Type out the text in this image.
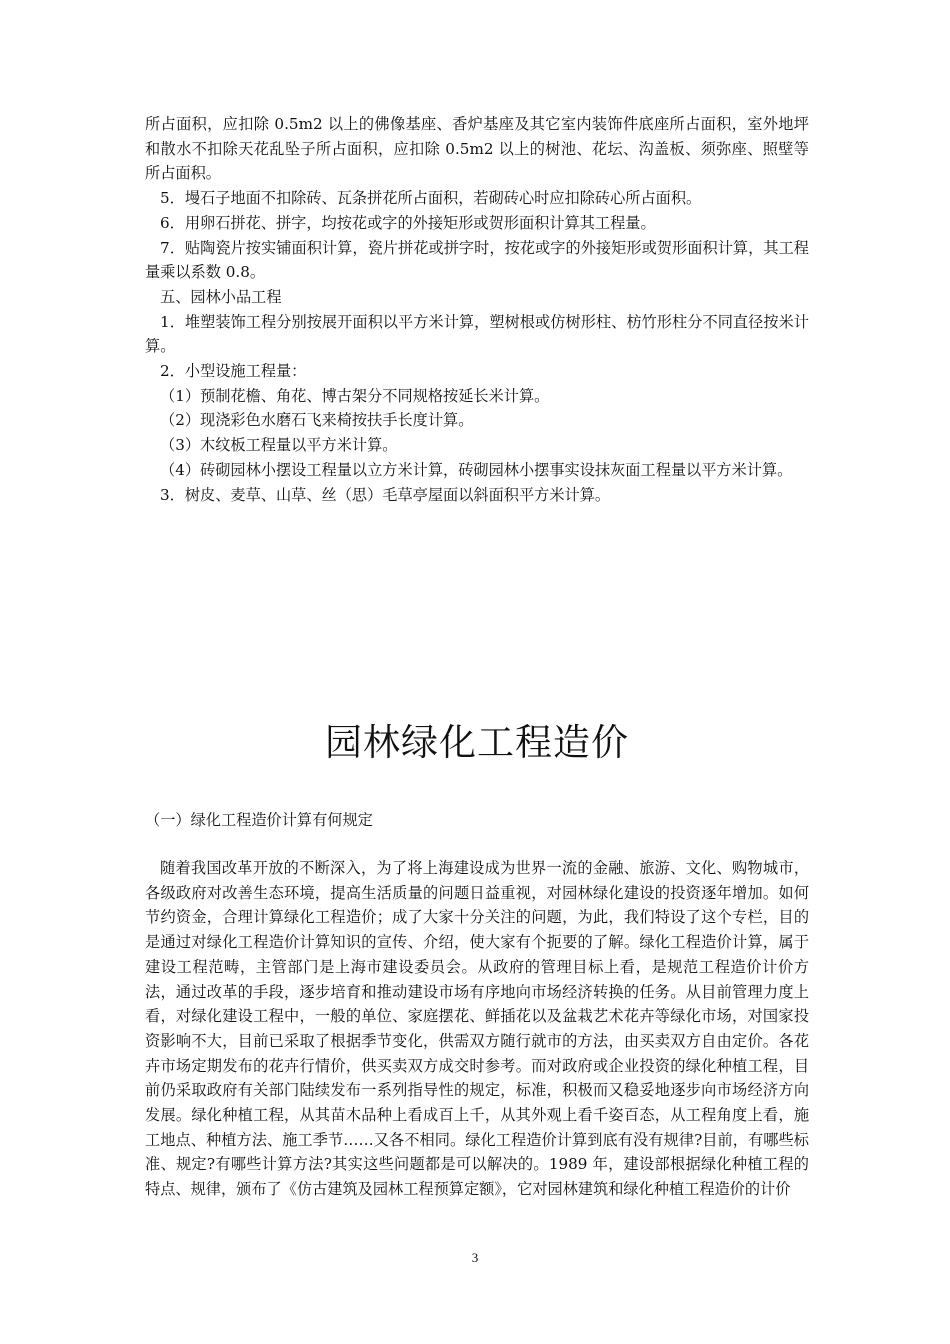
所占面积，应扣除 0.5m2 以上的佛像基座、香炉基座及其它室内装饰件底座所占面积，室外地坪和散水不扣除天花乱坠子所占面积，应扣除 0.5m2 以上的树池、花坛、沟盖板、须弥座、照壁等所占面积。

5．墁石子地面不扣除砖、瓦条拼花所占面积，若砌砖心时应扣除砖心所占面积。

6．用卵石拼花、拼字，均按花或字的外接矩形或贺形面积计算其工程量。

7．贴陶瓷片按实铺面积计算，瓷片拼花或拼字时，按花或字的外接矩形或贺形面积计算，其工程量乘以系数 0.8。

五、园林小品工程

1．堆塑装饰工程分别按展开面积以平方米计算，塑树根或仿树形柱、枋竹形柱分不同直径按米计算。

2．小型设施工程量：

（1）预制花檐、角花、博古架分不同规格按延长米计算。

（2）现浇彩色水磨石飞来椅按扶手长度计算。

（3）木纹板工程量以平方米计算。

（4）砖砌园林小摆设工程量以立方米计算，砖砌园林小摆事实设抹灰面工程量以平方米计算。

3．树皮、麦草、山草、丝（思）毛草亭屋面以斜面积平方米计算。

园林绿化工程造价

（一）绿化工程造价计算有何规定

随着我国改革开放的不断深入，为了将上海建设成为世界一流的金融、旅游、文化、购物城市，各级政府对改善生态环境，提高生活质量的问题日益重视，对园林绿化建设的投资逐年增加。如何节约资金，合理计算绿化工程造价；成了大家十分关注的问题，为此，我们特设了这个专栏，目的是通过对绿化工程造价计算知识的宣传、介绍，使大家有个扼要的了解。绿化工程造价计算，属于建设工程范畴，主管部门是上海市建设委员会。从政府的管理目标上看，是规范工程造价计价方法，通过改革的手段，逐步培育和推动建设市场有序地向市场经济转换的任务。从目前管理力度上看，对绿化建设工程中，一般的单位、家庭摆花、鲜插花以及盆栽艺术花卉等绿化市场，对国家投资影响不大，目前已采取了根据季节变化，供需双方随行就市的方法，由买卖双方自由定价。各花卉市场定期发布的花卉行情价，供买卖双方成交时参考。而对政府或企业投资的绿化种植工程，目前仍采取政府有关部门陆续发布一系列指导性的规定，标准，积极而又稳妥地逐步向市场经济方向发展。绿化种植工程，从其苗木品种上看成百上千，从其外观上看千姿百态，从工程角度上看，施工地点、种植方法、施工季节……又各不相同。绿化工程造价计算到底有没有规律?目前，有哪些标准、规定?有哪些计算方法?其实这些问题都是可以解决的。1989 年，建设部根据绿化种植工程的特点、规律，颁布了《仿古建筑及园林工程预算定额》，它对园林建筑和绿化种植工程造价的计价

3
